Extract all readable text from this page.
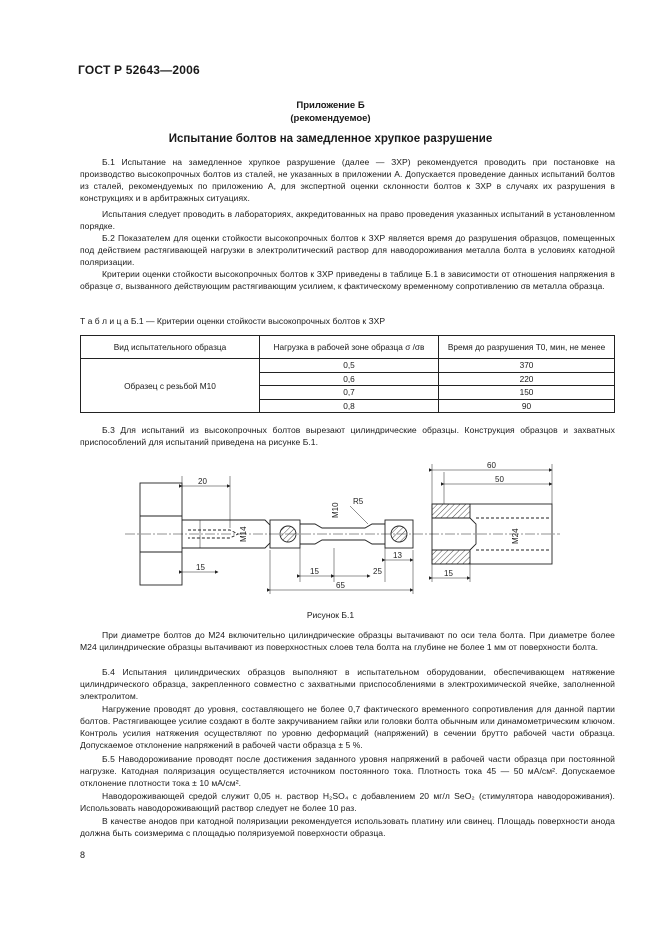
ГОСТ Р 52643—2006
Приложение Б
(рекомендуемое)
Испытание болтов на замедленное хрупкое разрушение

Б.1 Испытание на замедленное хрупкое разрушение (далее — ЗХР) рекомендуется проводить при постановке на производство высокопрочных болтов из сталей, не указанных в приложении А. Допускается проведение данных испытаний болтов из сталей, рекомендуемых по приложению А, для экспертной оценки склонности болтов к ЗХР в случаях их разрушения в конструкциях и в арбитражных ситуациях.

Испытания следует проводить в лабораториях, аккредитованных на право проведения указанных испытаний в установленном порядке.

Б.2 Показателем для оценки стойкости высокопрочных болтов к ЗХР является время до разрушения образцов, помещенных под действием растягивающей нагрузки в электролитический раствор для наводороживания металла болта в условиях катодной поляризации.

Критерии оценки стойкости высокопрочных болтов к ЗХР приведены в таблице Б.1 в зависимости от отношения напряжения в образце σ, вызванного действующим растягивающим усилием, к фактическому временному сопротивлению σв металла образца.

Т а б л и ц а Б.1 — Критерии оценки стойкости высокопрочных болтов к ЗХР
Вид испытательного образца	Нагрузка в рабочей зоне образца σ /σв	Время до разрушения T0, мин, не менее
Образец с резьбой М10	0,5	370
	0,6	220
	0,7	150
	0,8	90

Б.3 Для испытаний из высокопрочных болтов вырезают цилиндрические образцы. Конструкция образцов и захватных приспособлений для испытаний приведена на рисунке Б.1.

20
15
М14
М10
R5
13
15	25
65
М24
60
50
15
Рисунок Б.1

При диаметре болтов до М24 включительно цилиндрические образцы вытачивают по оси тела болта. При диаметре более М24 цилиндрические образцы вытачивают из поверхностных слоев тела болта на глубине не более 1 мм от поверхности болта.

Б.4 Испытания цилиндрических образцов выполняют в испытательном оборудовании, обеспечивающем натяжение цилиндрического образца, закрепленного совместно с захватными приспособлениями в электрохимической ячейке, заполненной электролитом.

Нагружение проводят до уровня, составляющего не более 0,7 фактического временного сопротивления для данной партии болтов. Растягивающее усилие создают в болте закручиванием гайки или головки болта обычным или динамометрическим ключом. Контроль усилия натяжения осуществляют по уровню деформаций (напряжений) в сечении брутто рабочей части образца. Допускаемое отклонение напряжений в рабочей части образца ± 5 %.

Б.5 Наводороживание проводят после достижения заданного уровня напряжений в рабочей части образца при постоянной нагрузке. Катодная поляризация осуществляется источником постоянного тока. Плотность тока 45 — 50 мА/см². Допускаемое отклонение плотности тока ± 10 мА/см².

Наводороживающей средой служит 0,05 н. раствор H₂SO₄ с добавлением 20 мг/л SeO₂ (стимулятора наводороживания). Использовать наводороживающий раствор следует не более 10 раз.

В качестве анодов при катодной поляризации рекомендуется использовать платину или свинец. Площадь поверхности анода должна быть соизмерима с площадью поляризуемой поверхности образца.

8
